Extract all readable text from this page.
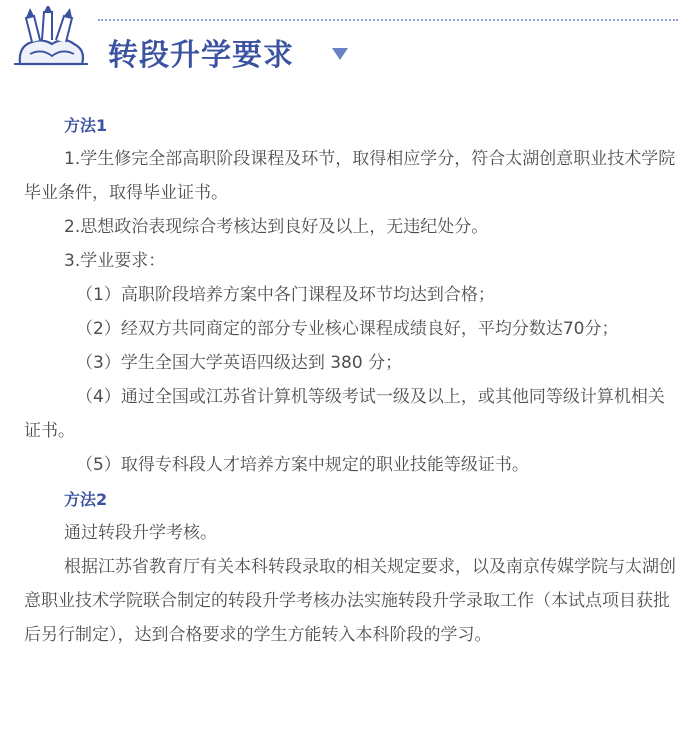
转段升学要求
方法1

1.学生修完全部高职阶段课程及环节，取得相应学分，符合太湖创意职业技术学院毕业条件，取得毕业证书。

2.思想政治表现综合考核达到良好及以上，无违纪处分。

3.学业要求：

（1）高职阶段培养方案中各门课程及环节均达到合格；

（2）经双方共同商定的部分专业核心课程成绩良好，平均分数达70分；

（3）学生全国大学英语四级达到 380 分；

（4）通过全国或江苏省计算机等级考试一级及以上，或其他同等级计算机相关证书。

（5）取得专科段人才培养方案中规定的职业技能等级证书。

方法2

通过转段升学考核。

根据江苏省教育厅有关本科转段录取的相关规定要求，以及南京传媒学院与太湖创意职业技术学院联合制定的转段升学考核办法实施转段升学录取工作（本试点项目获批后另行制定），达到合格要求的学生方能转入本科阶段的学习。
